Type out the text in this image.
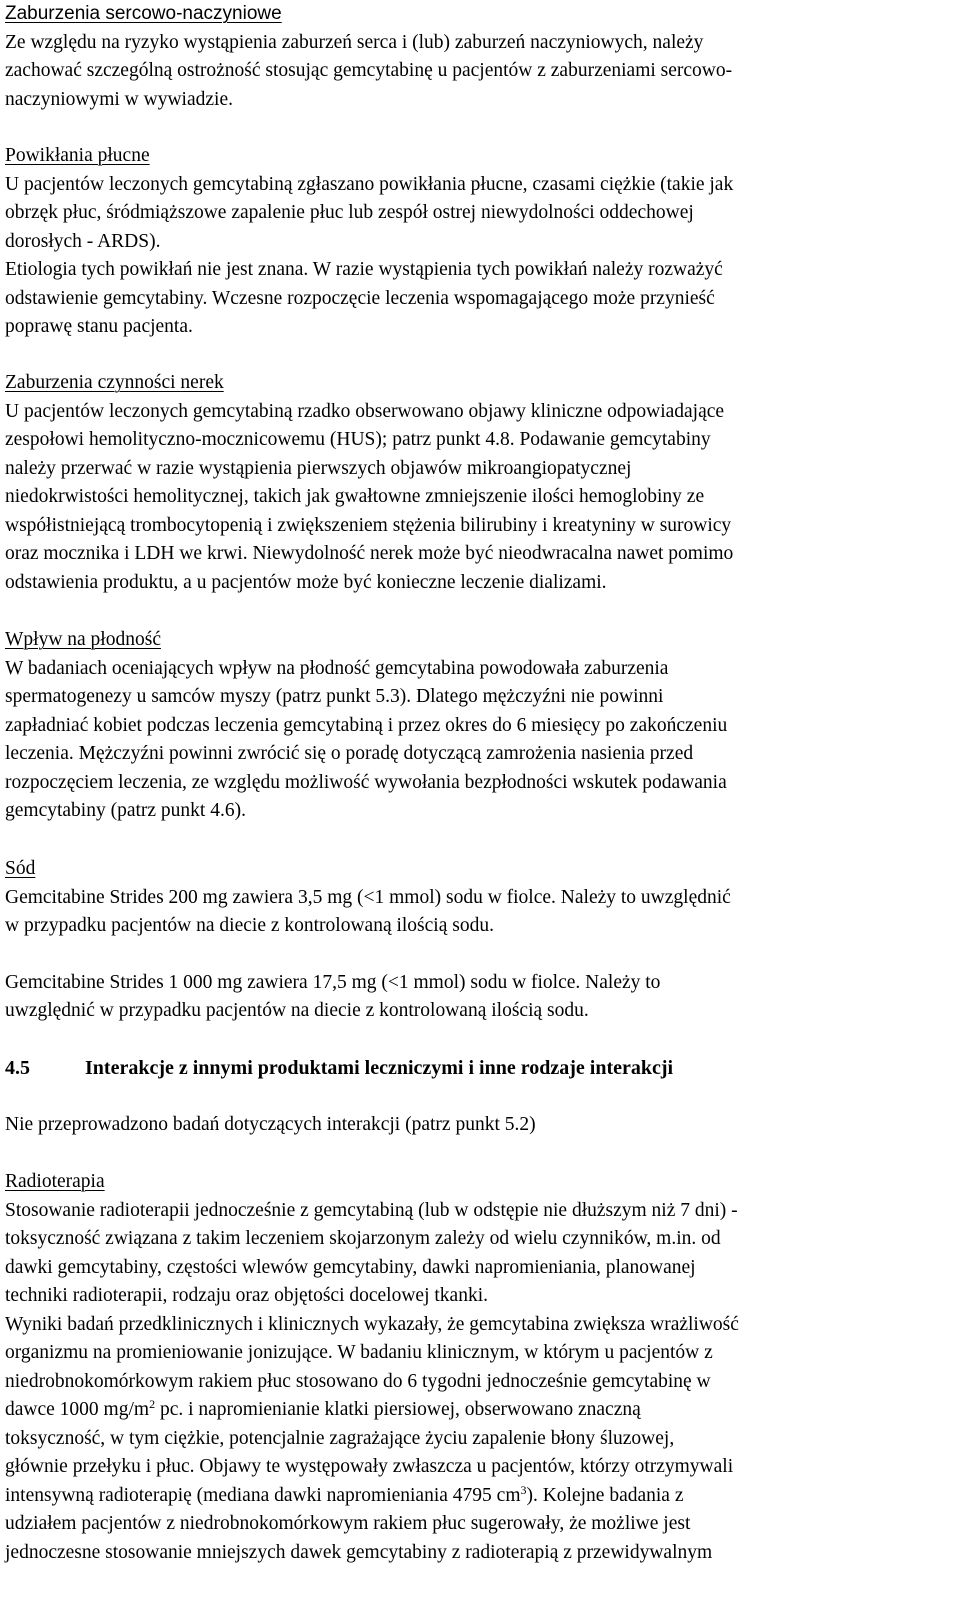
Zaburzenia sercowo-naczyniowe
Ze względu na ryzyko wystąpienia zaburzeń serca i (lub) zaburzeń naczyniowych, należy
zachować szczególną ostrożność stosując gemcytabinę u pacjentów z zaburzeniami sercowo-
naczyniowymi w wywiadzie.
Powikłania płucne
U pacjentów leczonych gemcytabiną zgłaszano powikłania płucne, czasami ciężkie (takie jak
obrzęk płuc, śródmiąższowe zapalenie płuc lub zespół ostrej niewydolności oddechowej
dorosłych - ARDS).
Etiologia tych powikłań nie jest znana. W razie wystąpienia tych powikłań należy rozważyć
odstawienie gemcytabiny. Wczesne rozpoczęcie leczenia wspomagającego może przynieść
poprawę stanu pacjenta.
Zaburzenia czynności nerek
U pacjentów leczonych gemcytabiną rzadko obserwowano objawy kliniczne odpowiadające
zespołowi hemolityczno-mocznicowemu (HUS); patrz punkt 4.8. Podawanie gemcytabiny
należy przerwać w razie wystąpienia pierwszych objawów mikroangiopatycznej
niedokrwistości hemolitycznej, takich jak gwałtowne zmniejszenie ilości hemoglobiny ze
współistniejącą trombocytopenią i zwiększeniem stężenia bilirubiny i kreatyniny w surowicy
oraz mocznika i LDH we krwi. Niewydolność nerek może być nieodwracalna nawet pomimo
odstawienia produktu, a u pacjentów może być konieczne leczenie dializami.
Wpływ na płodność
W badaniach oceniających wpływ na płodność gemcytabina powodowała zaburzenia
spermatogenezy u samców myszy (patrz punkt 5.3). Dlatego mężczyźni nie powinni
zapładniać kobiet podczas leczenia gemcytabiną i przez okres do 6 miesięcy po zakończeniu
leczenia. Mężczyźni powinni zwrócić się o poradę dotyczącą zamrożenia nasienia przed
rozpoczęciem leczenia, ze względu możliwość wywołania bezpłodności wskutek podawania
gemcytabiny (patrz punkt 4.6).
Sód
Gemcitabine Strides 200 mg zawiera 3,5 mg (<1 mmol) sodu w fiolce. Należy to uwzględnić
w przypadku pacjentów na diecie z kontrolowaną ilością sodu.
Gemcitabine Strides 1 000 mg zawiera 17,5 mg (<1 mmol) sodu w fiolce. Należy to
uwzględnić w przypadku pacjentów na diecie z kontrolowaną ilością sodu.
4.5	Interakcje z innymi produktami leczniczymi i inne rodzaje interakcji
Nie przeprowadzono badań dotyczących interakcji (patrz punkt 5.2)
Radioterapia
Stosowanie radioterapii jednocześnie z gemcytabiną (lub w odstępie nie dłuższym niż 7 dni) -
toksyczność związana z takim leczeniem skojarzonym zależy od wielu czynników, m.in. od
dawki gemcytabiny, częstości wlewów gemcytabiny, dawki napromieniania, planowanej
techniki radioterapii, rodzaju oraz objętości docelowej tkanki.
Wyniki badań przedklinicznych i klinicznych wykazały, że gemcytabina zwiększa wrażliwość
organizmu na promieniowanie jonizujące. W badaniu klinicznym, w którym u pacjentów z
niedrobnokomórkowym rakiem płuc stosowano do 6 tygodni jednocześnie gemcytabinę w
dawce 1000 $mg/m^2$ pc. i napromienianie klatki piersiowej, obserwowano znaczną
toksyczność, w tym ciężkie, potencjalnie zagrażające życiu zapalenie błony śluzowej,
głównie przełyku i płuc. Objawy te występowały zwłaszcza u pacjentów, którzy otrzymywali
intensywną radioterapię (mediana dawki napromieniania 4795 $cm^3$). Kolejne badania z
udziałem pacjentów z niedrobnokomórkowym rakiem płuc sugerowały, że możliwe jest
jednoczesne stosowanie mniejszych dawek gemcytabiny z radioterapią z przewidywalnym
